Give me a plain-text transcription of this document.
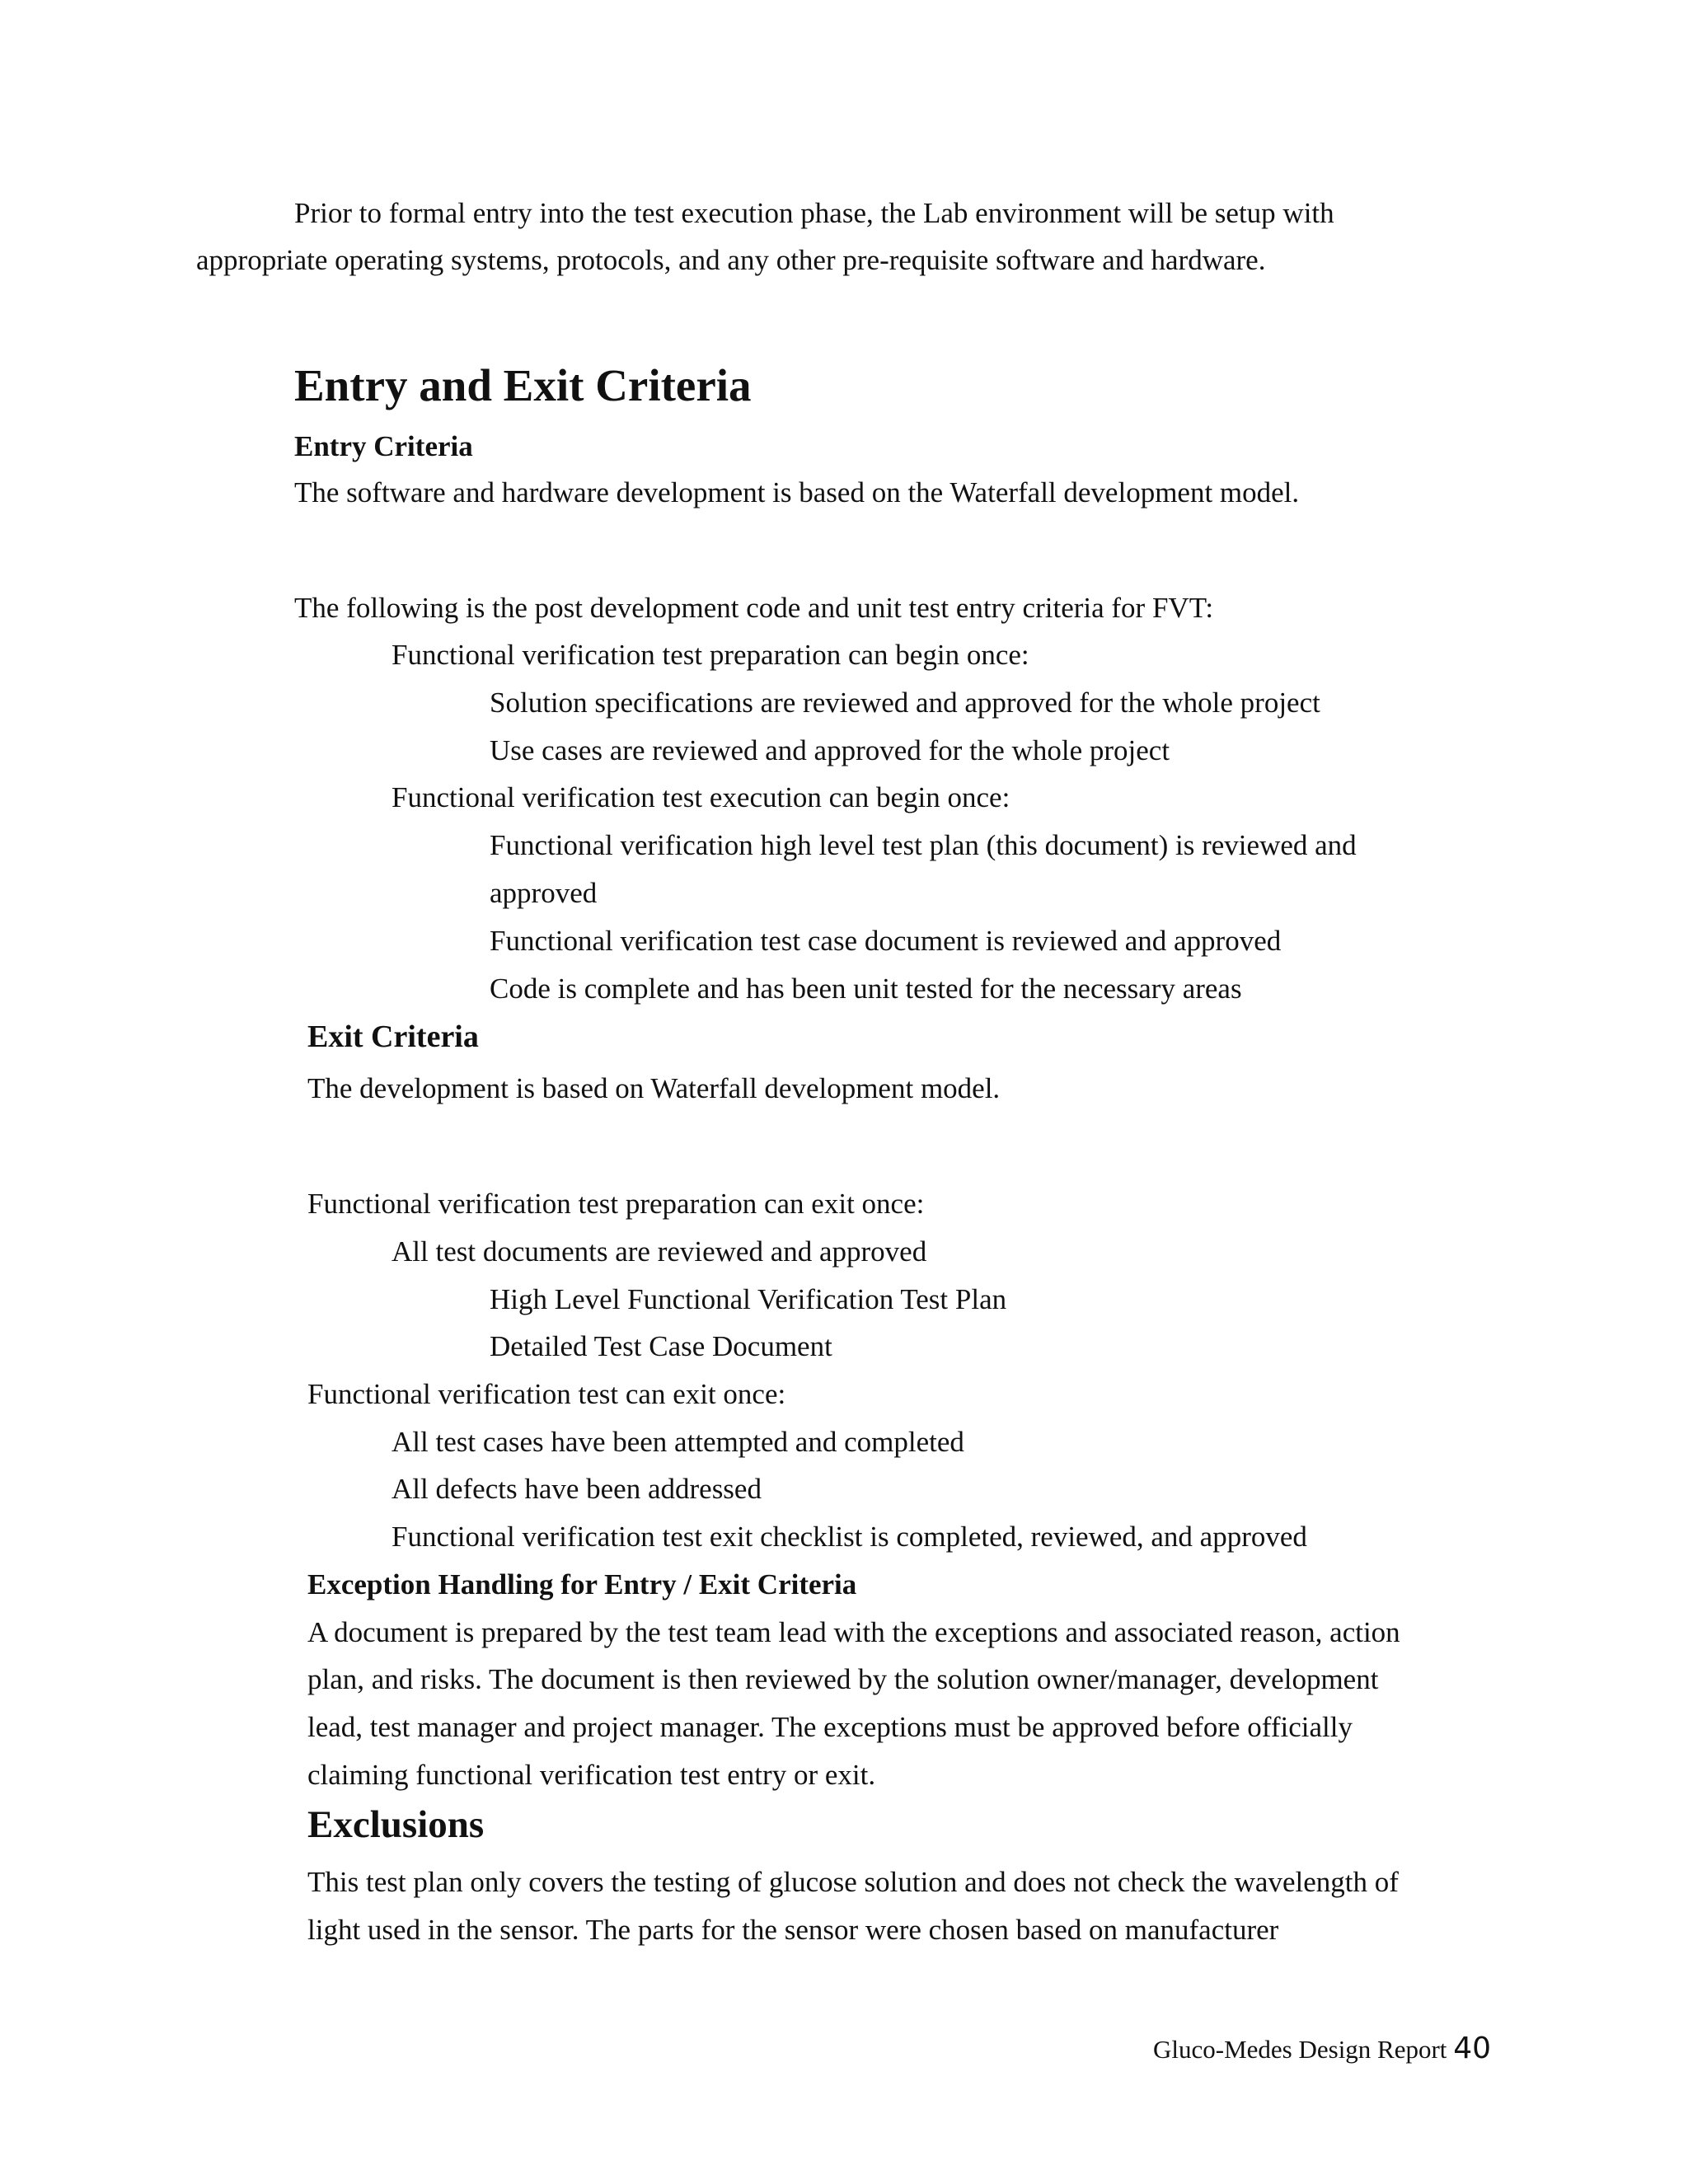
Prior to formal entry into the test execution phase, the Lab environment will be setup with
appropriate operating systems, protocols, and any other pre-requisite software and hardware.
Entry and Exit Criteria
Entry Criteria
The software and hardware development is based on the Waterfall development model.
The following is the post development code and unit test entry criteria for FVT:
Functional verification test preparation can begin once:
Solution specifications are reviewed and approved for the whole project
Use cases are reviewed and approved for the whole project
Functional verification test execution can begin once:
Functional verification high level test plan (this document) is reviewed and
approved
Functional verification test case document is reviewed and approved
Code is complete and has been unit tested for the necessary areas
Exit Criteria
The development is based on Waterfall development model.
Functional verification test preparation can exit once:
All test documents are reviewed and approved
High Level Functional Verification Test Plan
Detailed Test Case Document
Functional verification test can exit once:
All test cases have been attempted and completed
All defects have been addressed
Functional verification test exit checklist is completed, reviewed, and approved
Exception Handling for Entry / Exit Criteria
A document is prepared by the test team lead with the exceptions and associated reason, action
plan, and risks. The document is then reviewed by the solution owner/manager, development
lead, test manager and project manager. The exceptions must be approved before officially
claiming functional verification test entry or exit.
Exclusions
This test plan only covers the testing of glucose solution and does not check the wavelength of
light used in the sensor. The parts for the sensor were chosen based on manufacturer
Gluco-Medes Design Report 40
